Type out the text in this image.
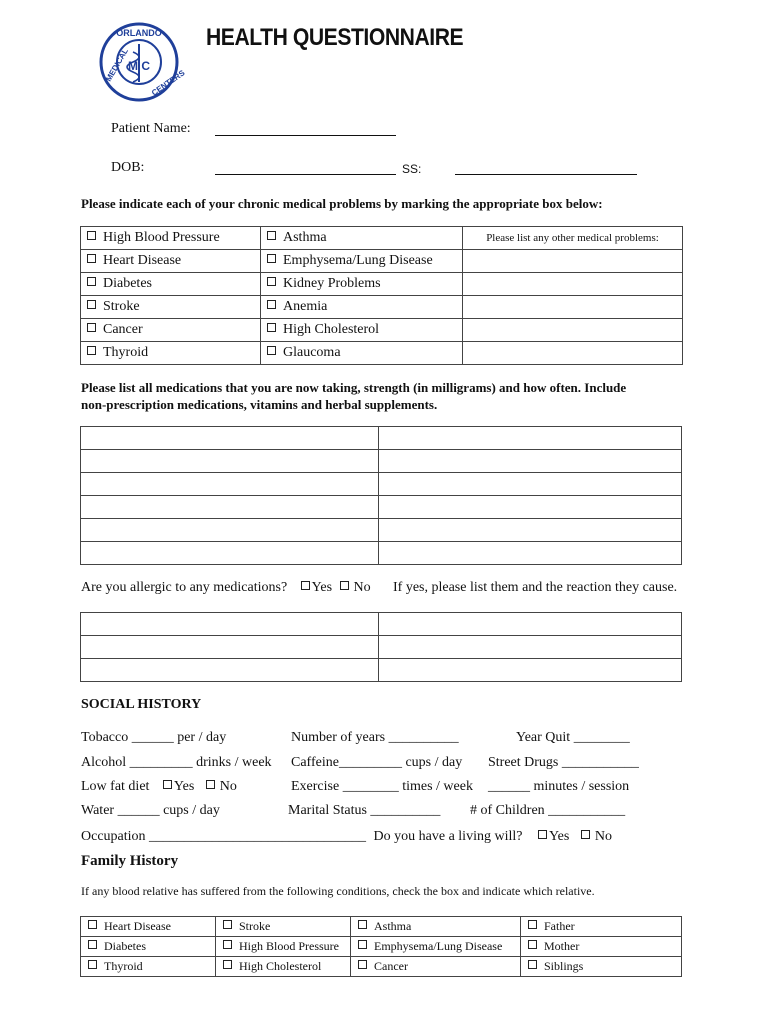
ORLANDO
MEDICAL	CENTERS
M C
HEALTH QUESTIONNAIRE
Patient Name:
DOB:	SS:
Please indicate each of your chronic medical problems by marking the appropriate box below:
High Blood Pressure	Asthma	Please list any other medical problems:
Heart Disease	Emphysema/Lung Disease	
Diabetes	Kidney Problems	
Stroke	Anemia	
Cancer	High Cholesterol	
Thyroid	Glaucoma	
Please list all medications that you are now taking, strength (in milligrams) and how often. Include
non-prescription medications, vitamins and herbal supplements.

Are you allergic to any medications? Yes No If yes, please list them and the reaction they cause.

SOCIAL HISTORY
Tobacco ______ per / day	Number of years __________	Year Quit ________
Alcohol _________ drinks / week Caffeine_________ cups / day Street Drugs ___________
Low fat diet Yes No	Exercise ________ times / week ______ minutes / session
Water ______ cups / day	Marital Status __________ # of Children ___________
Occupation _______________________________ Do you have a living will? Yes No
Family History
If any blood relative has suffered from the following conditions, check the box and indicate which relative.
Heart Disease	Stroke	Asthma	Father
Diabetes	High Blood Pressure	Emphysema/Lung Disease	Mother
Thyroid	High Cholesterol	Cancer	Siblings
